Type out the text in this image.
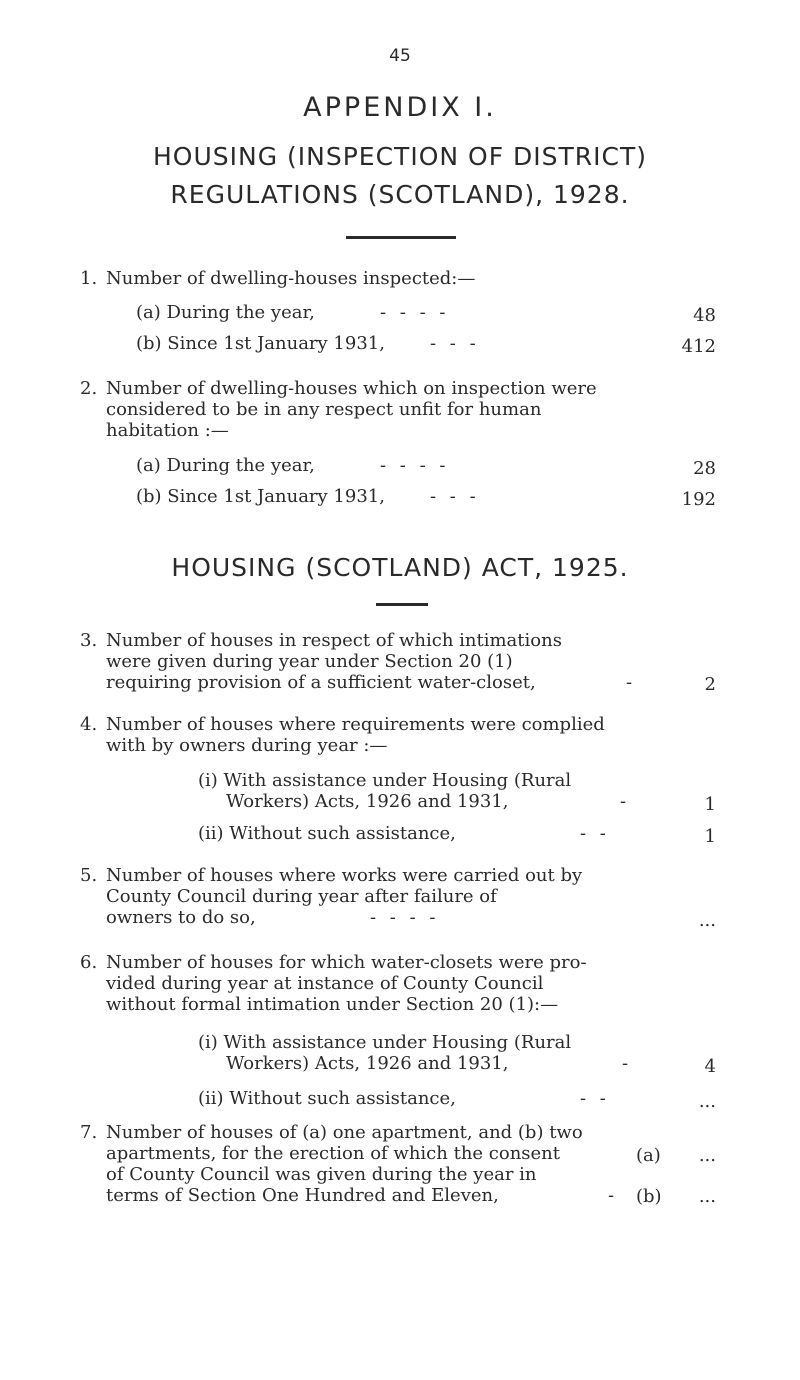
45
APPENDIX I.
HOUSING (INSPECTION OF DISTRICT)
REGULATIONS (SCOTLAND), 1928.
1. Number of dwelling-houses inspected:—
(a) During the year,	- - - -	48
(b) Since 1st January 1931,	- - -	412
2. Number of dwelling-houses which on inspection were
considered to be in any respect unfit for human
habitation :—
(a) During the year,	- - - -	28
(b) Since 1st January 1931,	- - -	192
HOUSING (SCOTLAND) ACT, 1925.
3. Number of houses in respect of which intimations
were given during year under Section 20 (1)
requiring provision of a sufficient water-closet,	-	2
4. Number of houses where requirements were complied
with by owners during year :—
(i) With assistance under Housing (Rural
Workers) Acts, 1926 and 1931,	-	1
(ii) Without such assistance,	- -	1
5. Number of houses where works were carried out by
County Council during year after failure of
owners to do so,	- - - -	...
6. Number of houses for which water-closets were pro-
vided during year at instance of County Council
without formal intimation under Section 20 (1):—
(i) With assistance under Housing (Rural
Workers) Acts, 1926 and 1931,	-	4
(ii) Without such assistance,	- -	...
7. Number of houses of (a) one apartment, and (b) two
apartments, for the erection of which the consent
of County Council was given during the year in
terms of Section One Hundred and Eleven,	-
(a)	...
(b)	...
